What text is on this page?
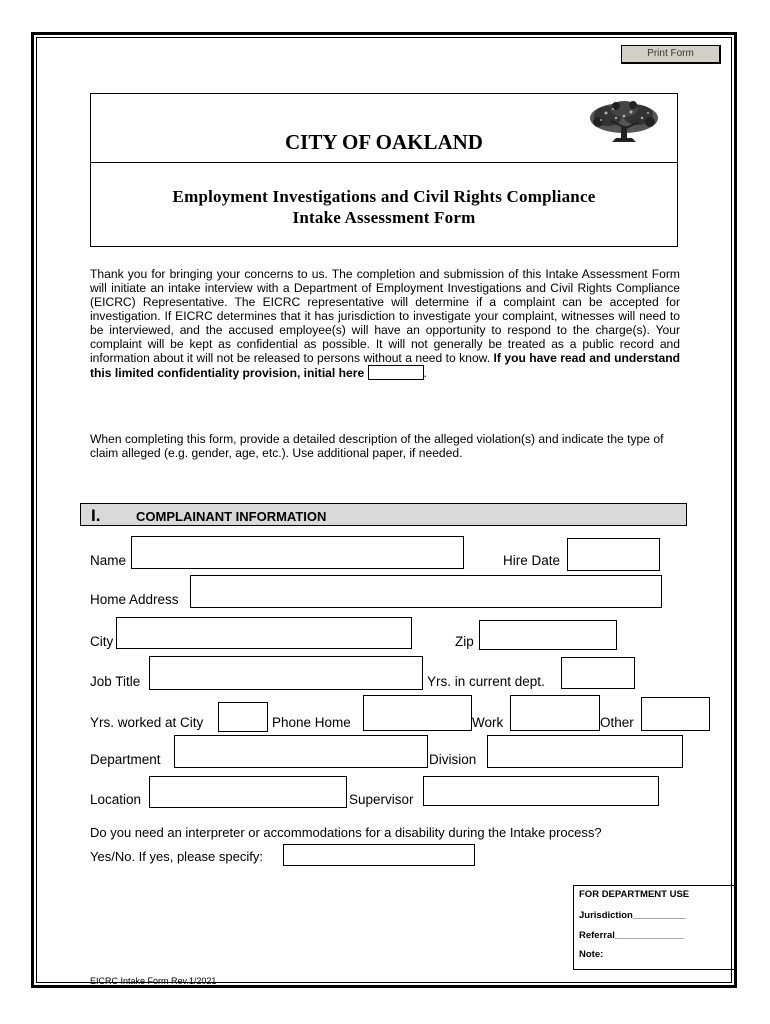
Print Form
CITY OF OAKLAND
Employment Investigations and Civil Rights Compliance
Intake Assessment Form
Thank you for bringing your concerns to us. The completion and submission of this Intake Assessment Form will initiate an intake interview with a Department of Employment Investigations and Civil Rights Compliance (EICRC) Representative. The EICRC representative will determine if a complaint can be accepted for investigation. If EICRC determines that it has jurisdiction to investigate your complaint, witnesses will need to be interviewed, and the accused employee(s) will have an opportunity to respond to the charge(s). Your complaint will be kept as confidential as possible. It will not generally be treated as a public record and information about it will not be released to persons without a need to know. If you have read and understand this limited confidentiality provision, initial here	.
When completing this form, provide a detailed description of the alleged violation(s) and indicate the type of claim alleged (e.g. gender, age, etc.). Use additional paper, if needed.
I.	COMPLAINANT INFORMATION
Name	Hire Date
Home Address
City	Zip
Job Title	Yrs. in current dept.
Yrs. worked at City	Phone Home	Work	Other
Department	Division
Location	Supervisor
Do you need an interpreter or accommodations for a disability during the Intake process?
Yes/No. If yes, please specify:
FOR DEPARTMENT USE
Jurisdiction__________
Referral_____________
Note:
EICRC Intake Form Rev.1/2021
